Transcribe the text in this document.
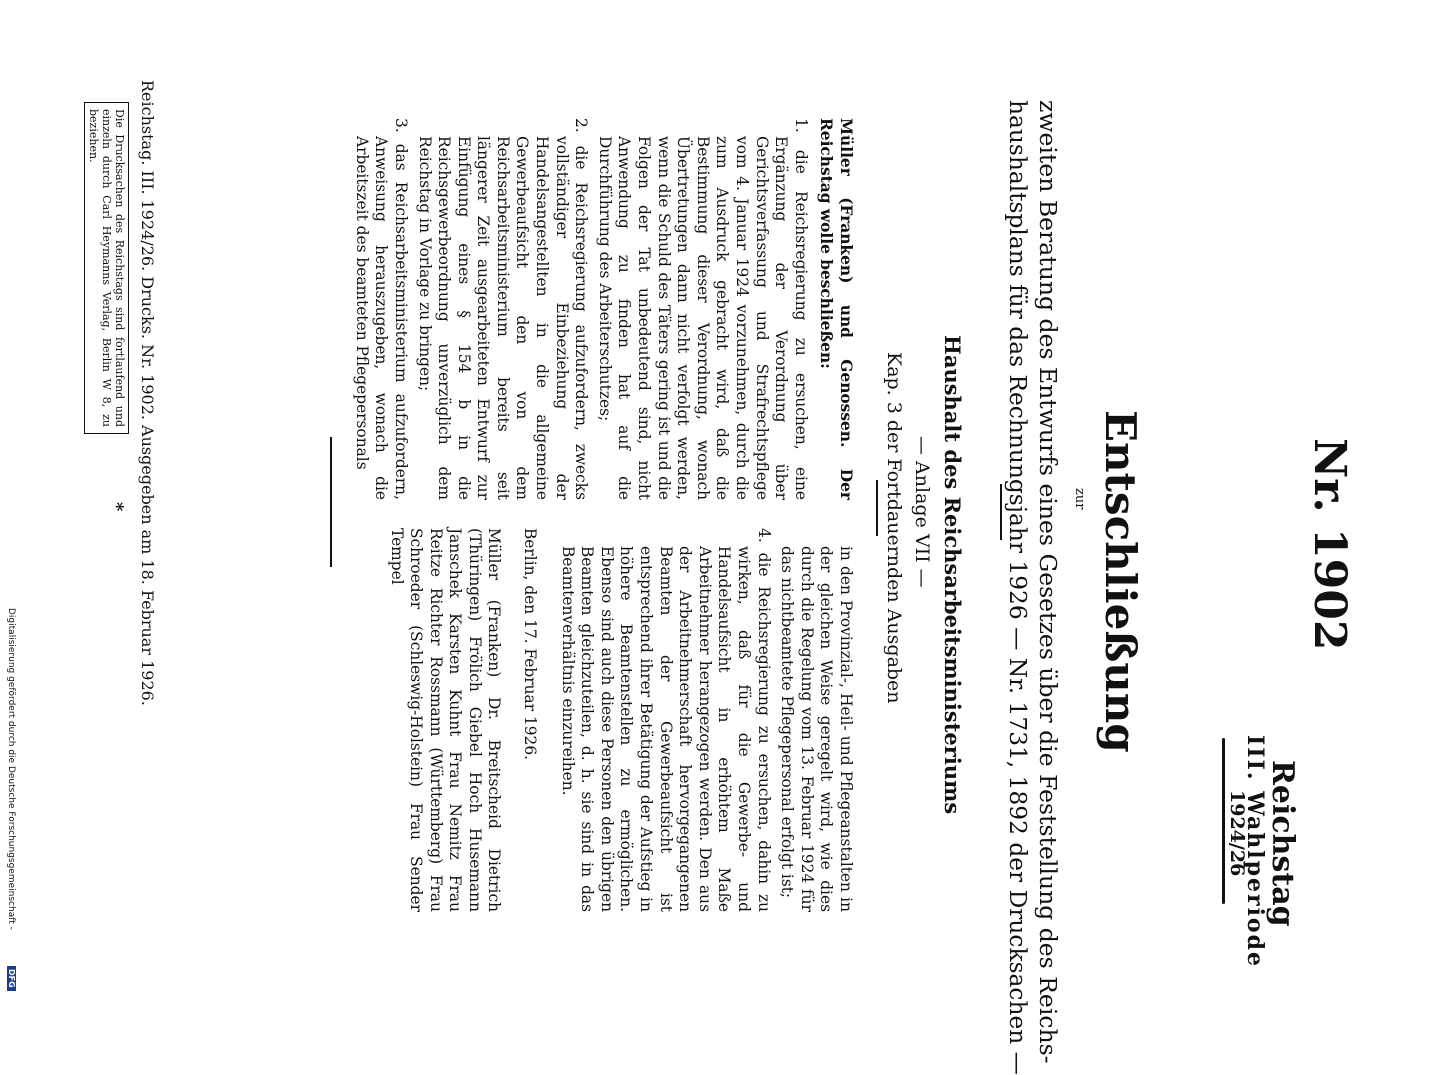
Nr. 1902
Reichstag
III. Wahlperiode
1924/26
Entschließung
zur
zweiten Beratung des Entwurfs eines Gesetzes über die Feststellung des Reichs-
haushaltsplans für das Rechnungsjahr 1926 — Nr. 1731, 1892 der Drucksachen —
Haushalt des Reichsarbeitsministeriums
— Anlage VII —
Kap. 3 der Fortdauernden Ausgaben

Müller (Franken) und Genossen. Der Reichstag wolle beschließen:

1. die Reichsregierung zu ersuchen, eine Ergänzung der Verordnung über Gerichtsverfassung und Strafrechtspflege vom 4. Januar 1924 vorzunehmen, durch die zum Ausdruck gebracht wird, daß die Bestimmung dieser Verordnung, wonach Übertretungen dann nicht verfolgt werden, wenn die Schuld des Täters gering ist und die Folgen der Tat unbedeutend sind, nicht Anwendung zu finden hat auf die Durchführung des Arbeiterschutzes;

2. die Reichsregierung aufzufordern, zwecks vollständiger Einbeziehung der Handelsangestellten in die allgemeine Gewerbeaufsicht den von dem Reichsarbeitsministerium bereits seit längerer Zeit ausgearbeiteten Entwurf zur Einfügung eines § 154 b in die Reichsgewerbeordnung unverzüglich dem Reichstag in Vorlage zu bringen;

3. das Reichsarbeitsministerium aufzufordern, Anweisung herauszugeben, wonach die Arbeitszeit des beamteten Pflegepersonals

in den Provinzial-, Heil- und Pflegeanstalten in der gleichen Weise geregelt wird, wie dies durch die Regelung vom 13. Februar 1924 für das nichtbeamtete Pflegepersonal erfolgt ist;

4. die Reichsregierung zu ersuchen, dahin zu wirken, daß für die Gewerbe- und Handelsaufsicht in erhöhtem Maße Arbeitnehmer herangezogen werden. Den aus der Arbeitnehmerschaft hervorgegangenen Beamten der Gewerbeaufsicht ist entsprechend ihrer Betätigung der Aufstieg in höhere Beamtenstellen zu ermöglichen. Ebenso sind auch diese Personen den übrigen Beamten gleichzuteilen, d. h. sie sind in das Beamtenverhältnis einzureihen.

Berlin, den 17. Februar 1926.

Müller (Franken) Dr. Breitscheid Dietrich (Thüringen) Frölich Giebel Hoch Husemann Janschek Karsten Kuhnt Frau Nemitz Frau Reitze Richter Rossmann (Württemberg) Frau Schroeder (Schleswig-Holstein) Frau Sender Tempel

Reichstag. III. 1924/26. Drucks. Nr. 1902. Ausgegeben am 18. Februar 1926.

Die Drucksachen des Reichstags sind fortlaufend und einzeln durch Carl Heymanns Verlag, Berlin W 8, zu beziehen.

*
Digitalisierung gefördert durch die Deutsche Forschungsgemeinschaft -
DFG
